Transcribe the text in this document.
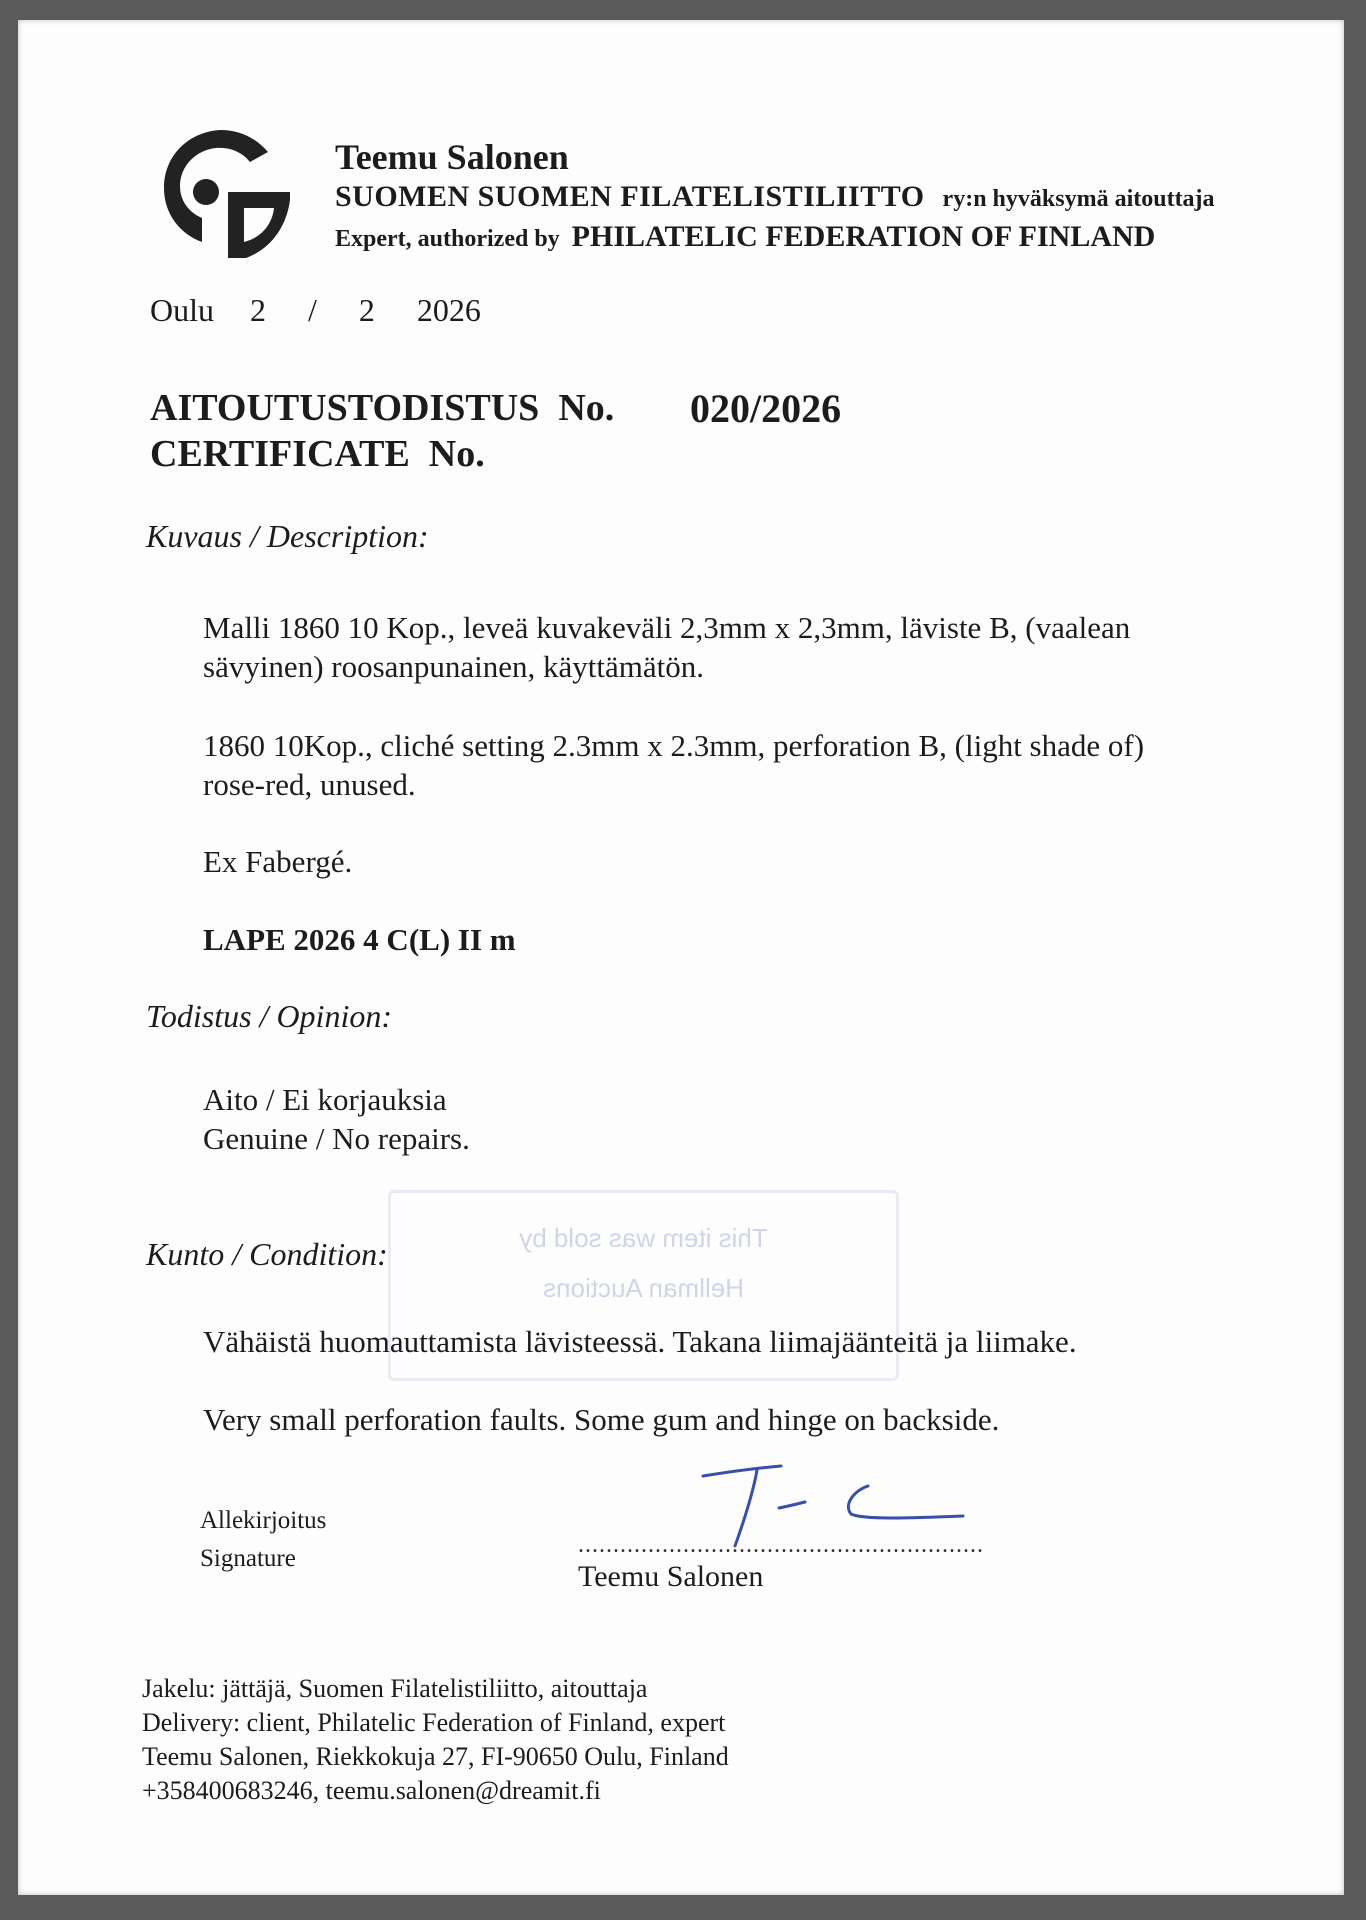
Teemu Salonen
SUOMEN SUOMEN FILATELISTILIITTO ry:n hyväksymä aitouttaja
Expert, authorized by PHILATELIC FEDERATION OF FINLAND
Oulu 2 / 2 2026
AITOUTUSTODISTUS No.
CERTIFICATE No.
020/2026
Kuvaus / Description:
Malli 1860 10 Kop., leveä kuvakeväli 2,3mm x 2,3mm, läviste B, (vaalean
sävyinen) roosanpunainen, käyttämätön.
1860 10Kop., cliché setting 2.3mm x 2.3mm, perforation B, (light shade of)
rose-red, unused.
Ex Fabergé.
LAPE 2026 4 C(L) II m
Todistus / Opinion:
Aito / Ei korjauksia
Genuine / No repairs.
This item was sold by
Hellman Auctions
Kunto / Condition:
Vähäistä huomauttamista lävisteessä. Takana liimajäänteitä ja liimake.
Very small perforation faults. Some gum and hinge on backside.
Allekirjoitus
Signature	..........................................................
Teemu Salonen
Jakelu: jättäjä, Suomen Filatelistiliitto, aitouttaja
Delivery: client, Philatelic Federation of Finland, expert
Teemu Salonen, Riekkokuja 27, FI-90650 Oulu, Finland
+358400683246, teemu.salonen@dreamit.fi
